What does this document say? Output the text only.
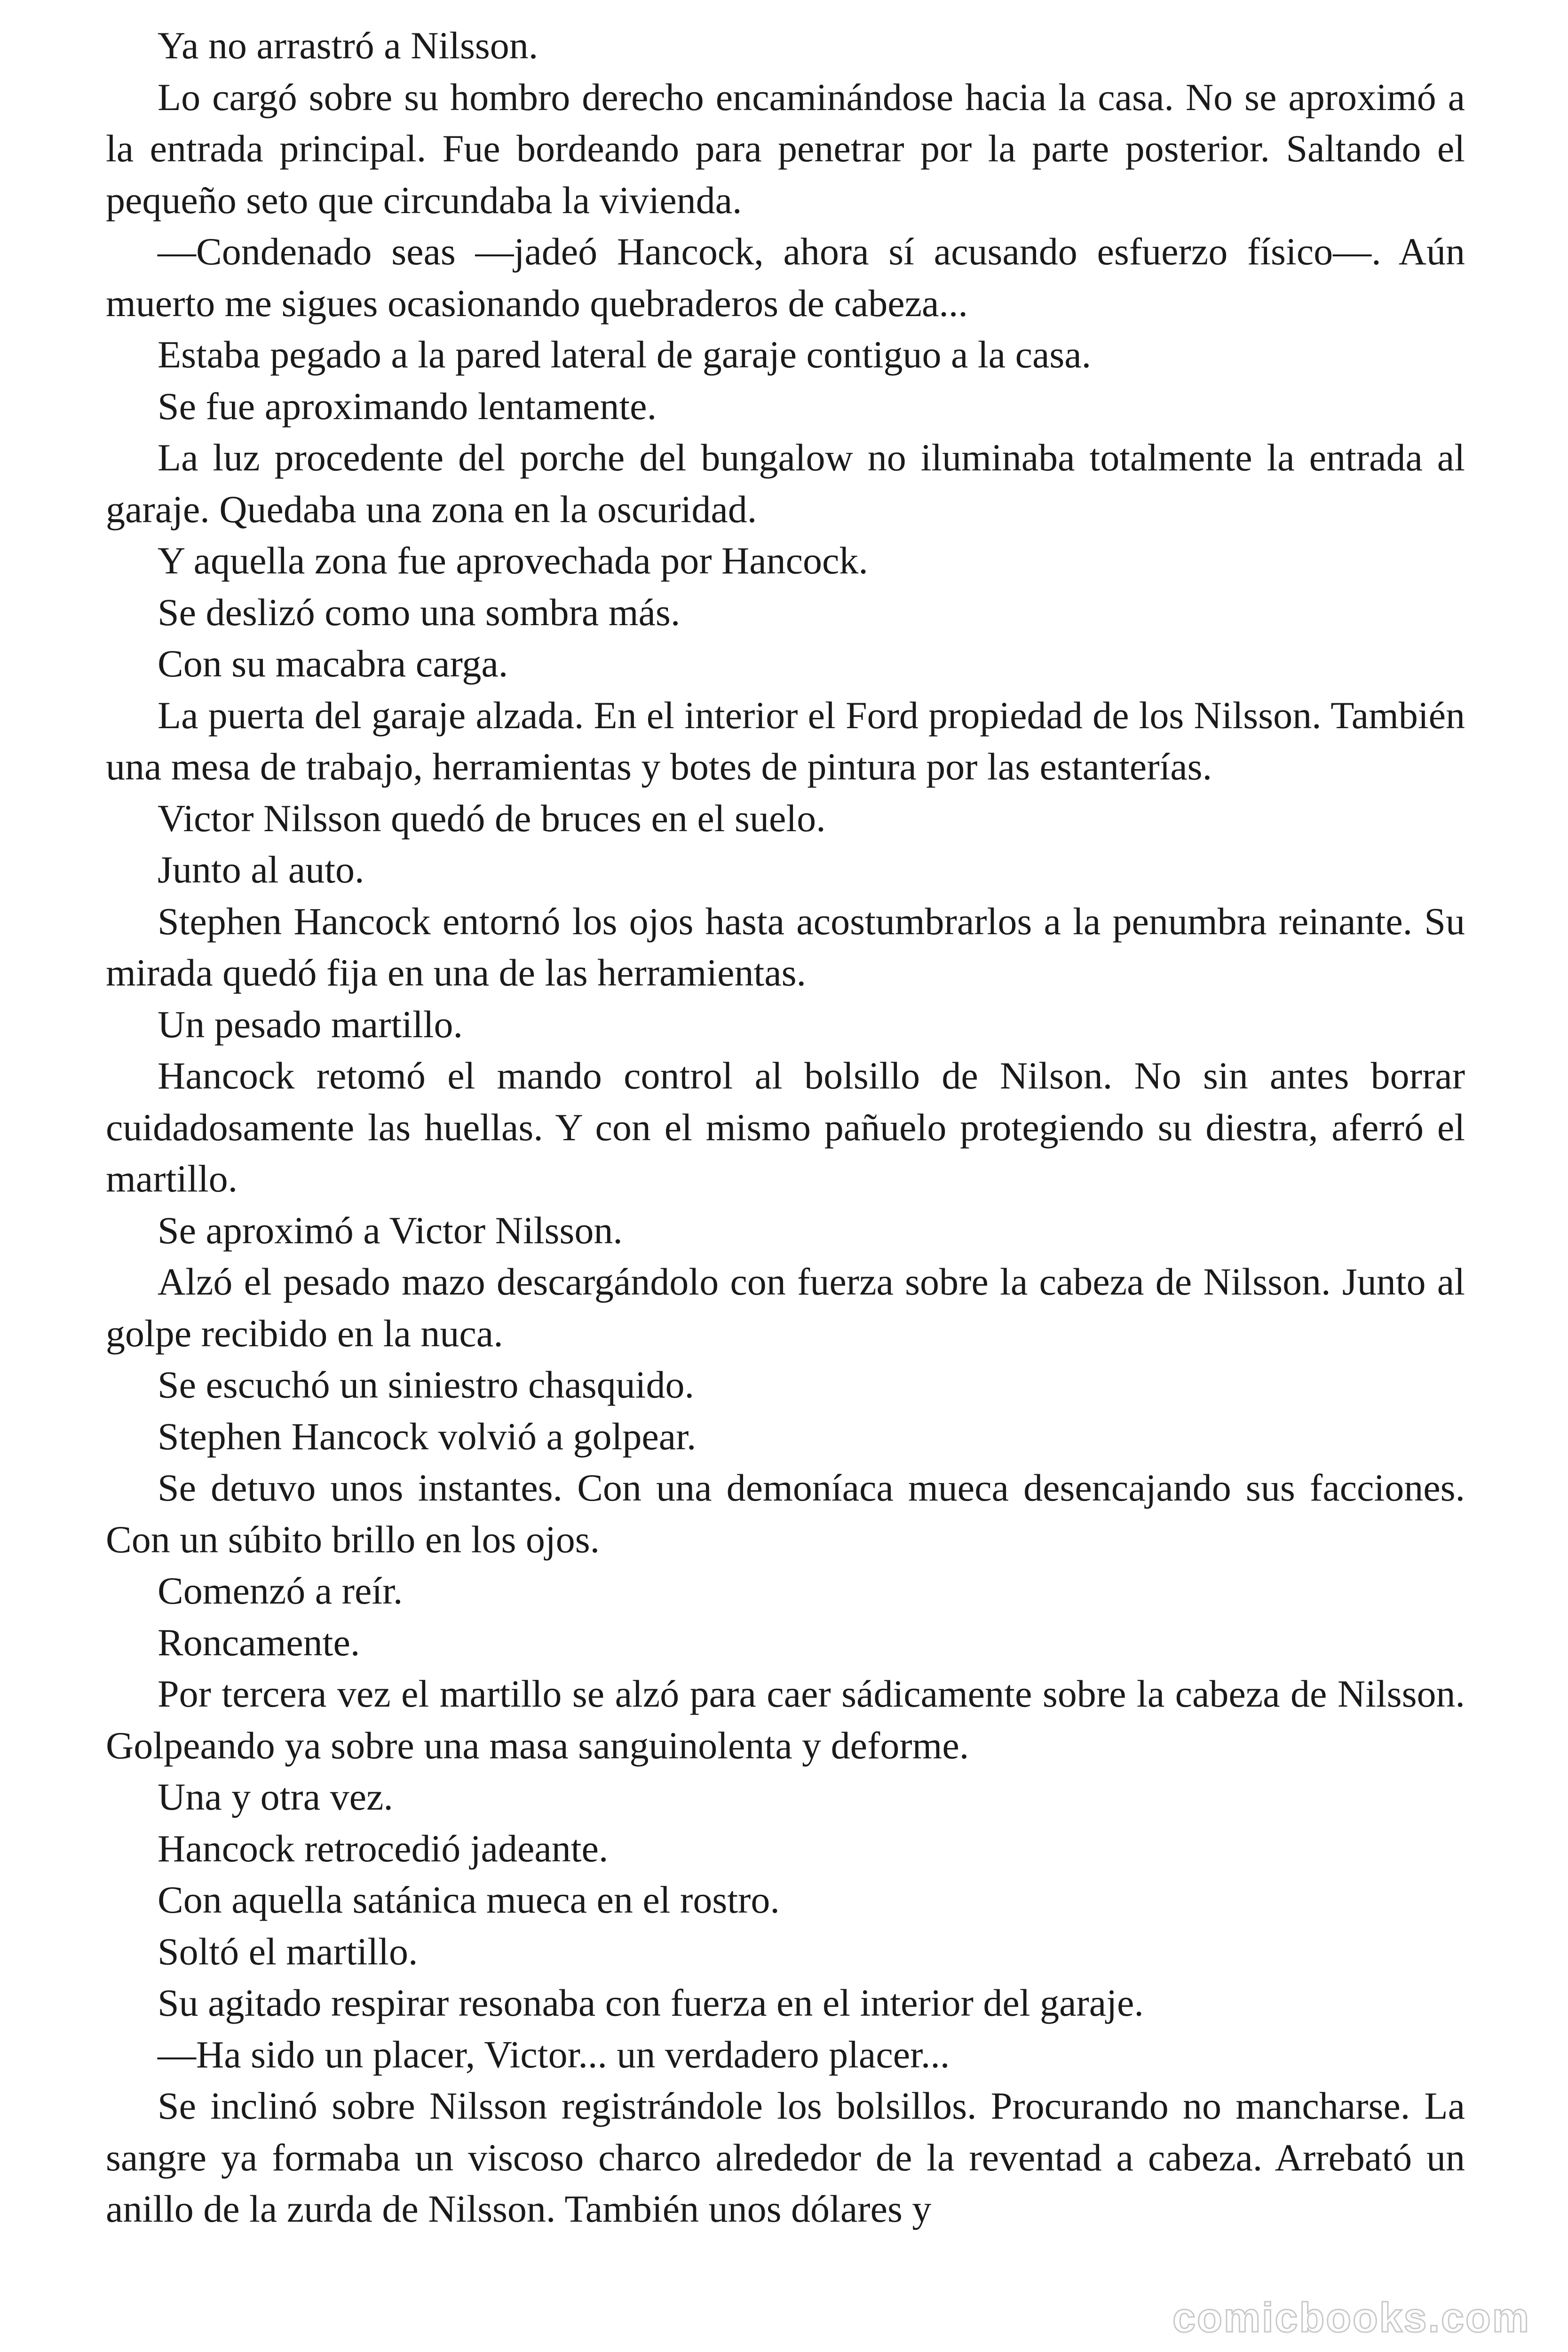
Ya no arrastró a Nilsson.

Lo cargó sobre su hombro derecho encaminándose hacia la casa. No se aproximó a la entrada principal. Fue bordeando para penetrar por la parte posterior. Saltando el pequeño seto que circundaba la vivienda.

—Condenado seas —jadeó Hancock, ahora sí acusando esfuerzo físico—. Aún muerto me sigues ocasionando quebraderos de cabeza...

Estaba pegado a la pared lateral de garaje contiguo a la casa.

Se fue aproximando lentamente.

La luz procedente del porche del bungalow no iluminaba totalmente la entrada al garaje. Quedaba una zona en la oscuridad.

Y aquella zona fue aprovechada por Hancock.

Se deslizó como una sombra más.

Con su macabra carga.

La puerta del garaje alzada. En el interior el Ford propiedad de los Nilsson. También una mesa de trabajo, herramientas y botes de pintura por las estanterías.

Victor Nilsson quedó de bruces en el suelo.

Junto al auto.

Stephen Hancock entornó los ojos hasta acostumbrarlos a la penumbra reinante. Su mirada quedó fija en una de las herramientas.

Un pesado martillo.

Hancock retomó el mando control al bolsillo de Nilson. No sin antes borrar cuidadosamente las huellas. Y con el mismo pañuelo protegiendo su diestra, aferró el martillo.

Se aproximó a Victor Nilsson.

Alzó el pesado mazo descargándolo con fuerza sobre la cabeza de Nilsson. Junto al golpe recibido en la nuca.

Se escuchó un siniestro chasquido.

Stephen Hancock volvió a golpear.

Se detuvo unos instantes. Con una demoníaca mueca desencajando sus facciones. Con un súbito brillo en los ojos.

Comenzó a reír.

Roncamente.

Por tercera vez el martillo se alzó para caer sádicamente sobre la cabeza de Nilsson. Golpeando ya sobre una masa sanguinolenta y deforme.

Una y otra vez.

Hancock retrocedió jadeante.

Con aquella satánica mueca en el rostro.

Soltó el martillo.

Su agitado respirar resonaba con fuerza en el interior del garaje.

—Ha sido un placer, Victor... un verdadero placer...

Se inclinó sobre Nilsson registrándole los bolsillos. Procurando no mancharse. La sangre ya formaba un viscoso charco alrededor de la reventad a cabeza. Arrebató un anillo de la zurda de Nilsson. También unos dólares y

comicbooks.com
